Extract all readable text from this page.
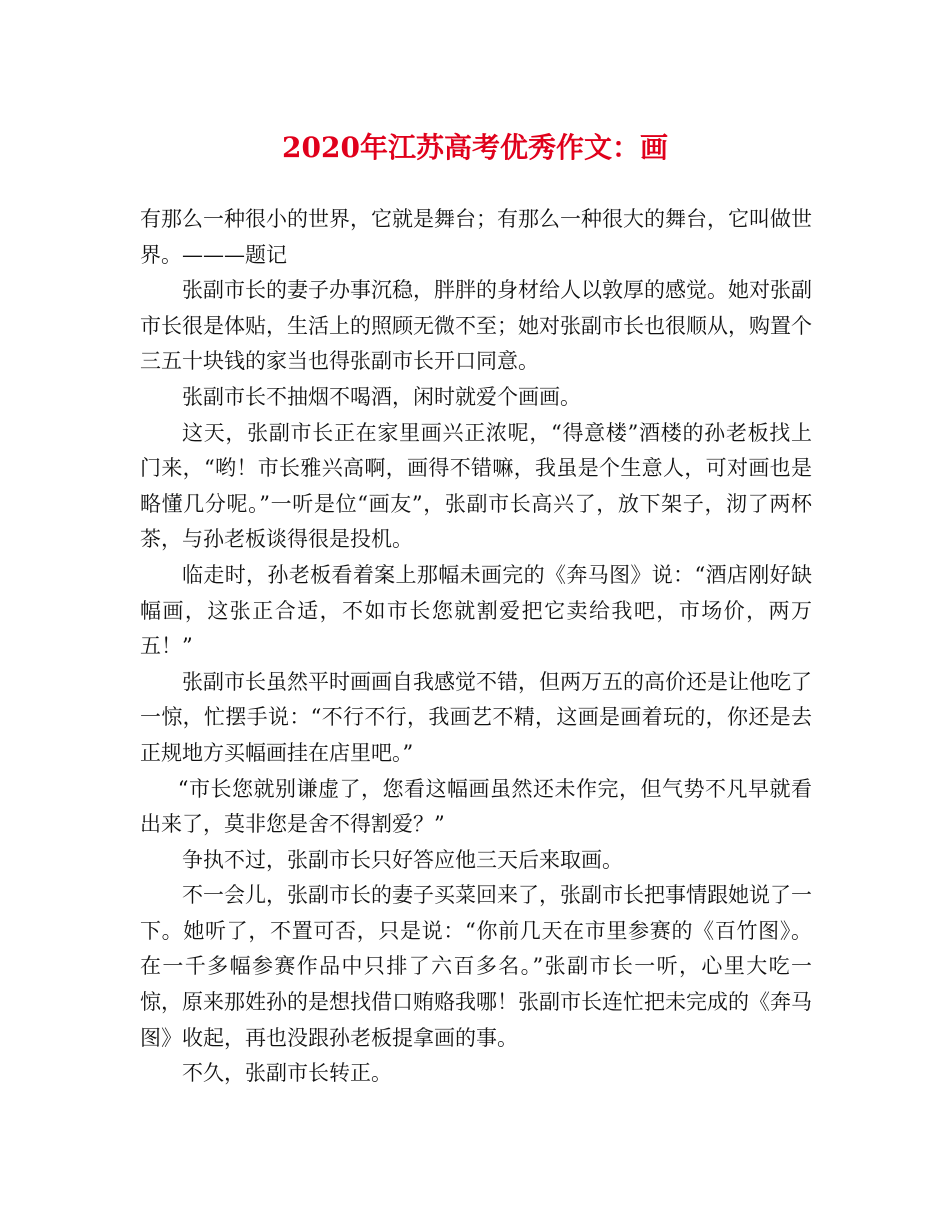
2020年江苏高考优秀作文：画

有那么一种很小的世界，它就是舞台；有那么一种很大的舞台，它叫做世界。———题记

张副市长的妻子办事沉稳，胖胖的身材给人以敦厚的感觉。她对张副市长很是体贴，生活上的照顾无微不至；她对张副市长也很顺从，购置个三五十块钱的家当也得张副市长开口同意。

张副市长不抽烟不喝酒，闲时就爱个画画。

这天，张副市长正在家里画兴正浓呢，“得意楼”酒楼的孙老板找上门来，“哟！市长雅兴高啊，画得不错嘛，我虽是个生意人，可对画也是略懂几分呢。”一听是位“画友”，张副市长高兴了，放下架子，沏了两杯茶，与孙老板谈得很是投机。

临走时，孙老板看着案上那幅未画完的《奔马图》说：“酒店刚好缺幅画，这张正合适，不如市长您就割爱把它卖给我吧，市场价，两万五！”

张副市长虽然平时画画自我感觉不错，但两万五的高价还是让他吃了一惊，忙摆手说：“不行不行，我画艺不精，这画是画着玩的，你还是去正规地方买幅画挂在店里吧。”

“市长您就别谦虚了，您看这幅画虽然还未作完，但气势不凡早就看出来了，莫非您是舍不得割爱？”

争执不过，张副市长只好答应他三天后来取画。

不一会儿，张副市长的妻子买菜回来了，张副市长把事情跟她说了一下。她听了，不置可否，只是说：“你前几天在市里参赛的《百竹图》。在一千多幅参赛作品中只排了六百多名。”张副市长一听，心里大吃一惊，原来那姓孙的是想找借口贿赂我哪！张副市长连忙把未完成的《奔马图》收起，再也没跟孙老板提拿画的事。

不久，张副市长转正。
